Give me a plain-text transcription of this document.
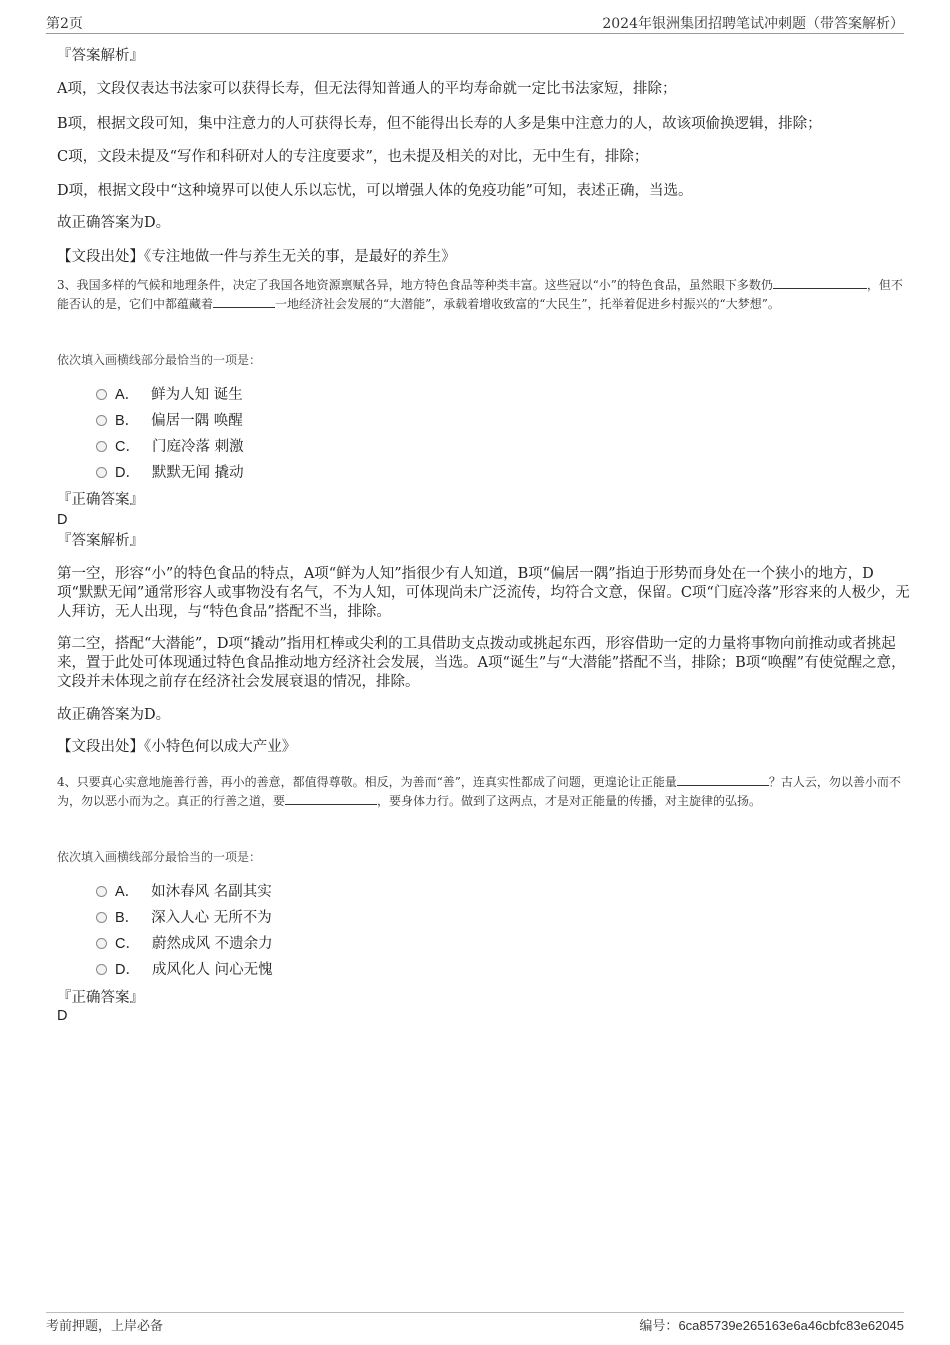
第2页	2024年银洲集团招聘笔试冲刺题（带答案解析）
『答案解析』
A项，文段仅表达书法家可以获得长寿，但无法得知普通人的平均寿命就一定比书法家短，排除；
B项，根据文段可知，集中注意力的人可获得长寿，但不能得出长寿的人多是集中注意力的人，故该项偷换逻辑，排除；
C项，文段未提及“写作和科研对人的专注度要求”，也未提及相关的对比，无中生有，排除；
D项，根据文段中“这种境界可以使人乐以忘忧，可以增强人体的免疫功能”可知，表述正确，当选。
故正确答案为D。
【文段出处】《专注地做一件与养生无关的事，是最好的养生》
3、我国多样的气候和地理条件，决定了我国各地资源禀赋各异，地方特色食品等种类丰富。这些冠以“小”的特色食品，虽然眼下多数仍	，但不能否认的是，它们中都蕴藏着	一地经济社会发展的“大潜能”，承载着增收致富的“大民生”，托举着促进乡村振兴的“大梦想”。
依次填入画横线部分最恰当的一项是：
A． 鲜为人知 诞生
B． 偏居一隅 唤醒
C． 门庭冷落 刺激
D． 默默无闻 撬动
『正确答案』
D
『答案解析』
第一空，形容“小”的特色食品的特点，A项“鲜为人知”指很少有人知道，B项“偏居一隅”指迫于形势而身处在一个狭小的地方，D项“默默无闻”通常形容人或事物没有名气，不为人知，可体现尚未广泛流传，均符合文意，保留。C项“门庭冷落”形容来的人极少，无人拜访，无人出现，与“特色食品”搭配不当，排除。
第二空，搭配“大潜能”，D项“撬动”指用杠棒或尖利的工具借助支点拨动或挑起东西，形容借助一定的力量将事物向前推动或者挑起来，置于此处可体现通过特色食品推动地方经济社会发展，当选。A项“诞生”与“大潜能”搭配不当，排除；B项“唤醒”有使觉醒之意，文段并未体现之前存在经济社会发展衰退的情况，排除。
故正确答案为D。
【文段出处】《小特色何以成大产业》
4、只要真心实意地施善行善，再小的善意，都值得尊敬。相反，为善而“善”，连真实性都成了问题，更遑论让正能量	？古人云，勿以善小而不为，勿以恶小而为之。真正的行善之道，要	，要身体力行。做到了这两点，才是对正能量的传播，对主旋律的弘扬。
依次填入画横线部分最恰当的一项是：
A． 如沐春风 名副其实
B． 深入人心 无所不为
C． 蔚然成风 不遗余力
D． 成风化人 问心无愧
『正确答案』
D
考前押题，上岸必备	编号：6ca85739e265163e6a46cbfc83e62045
